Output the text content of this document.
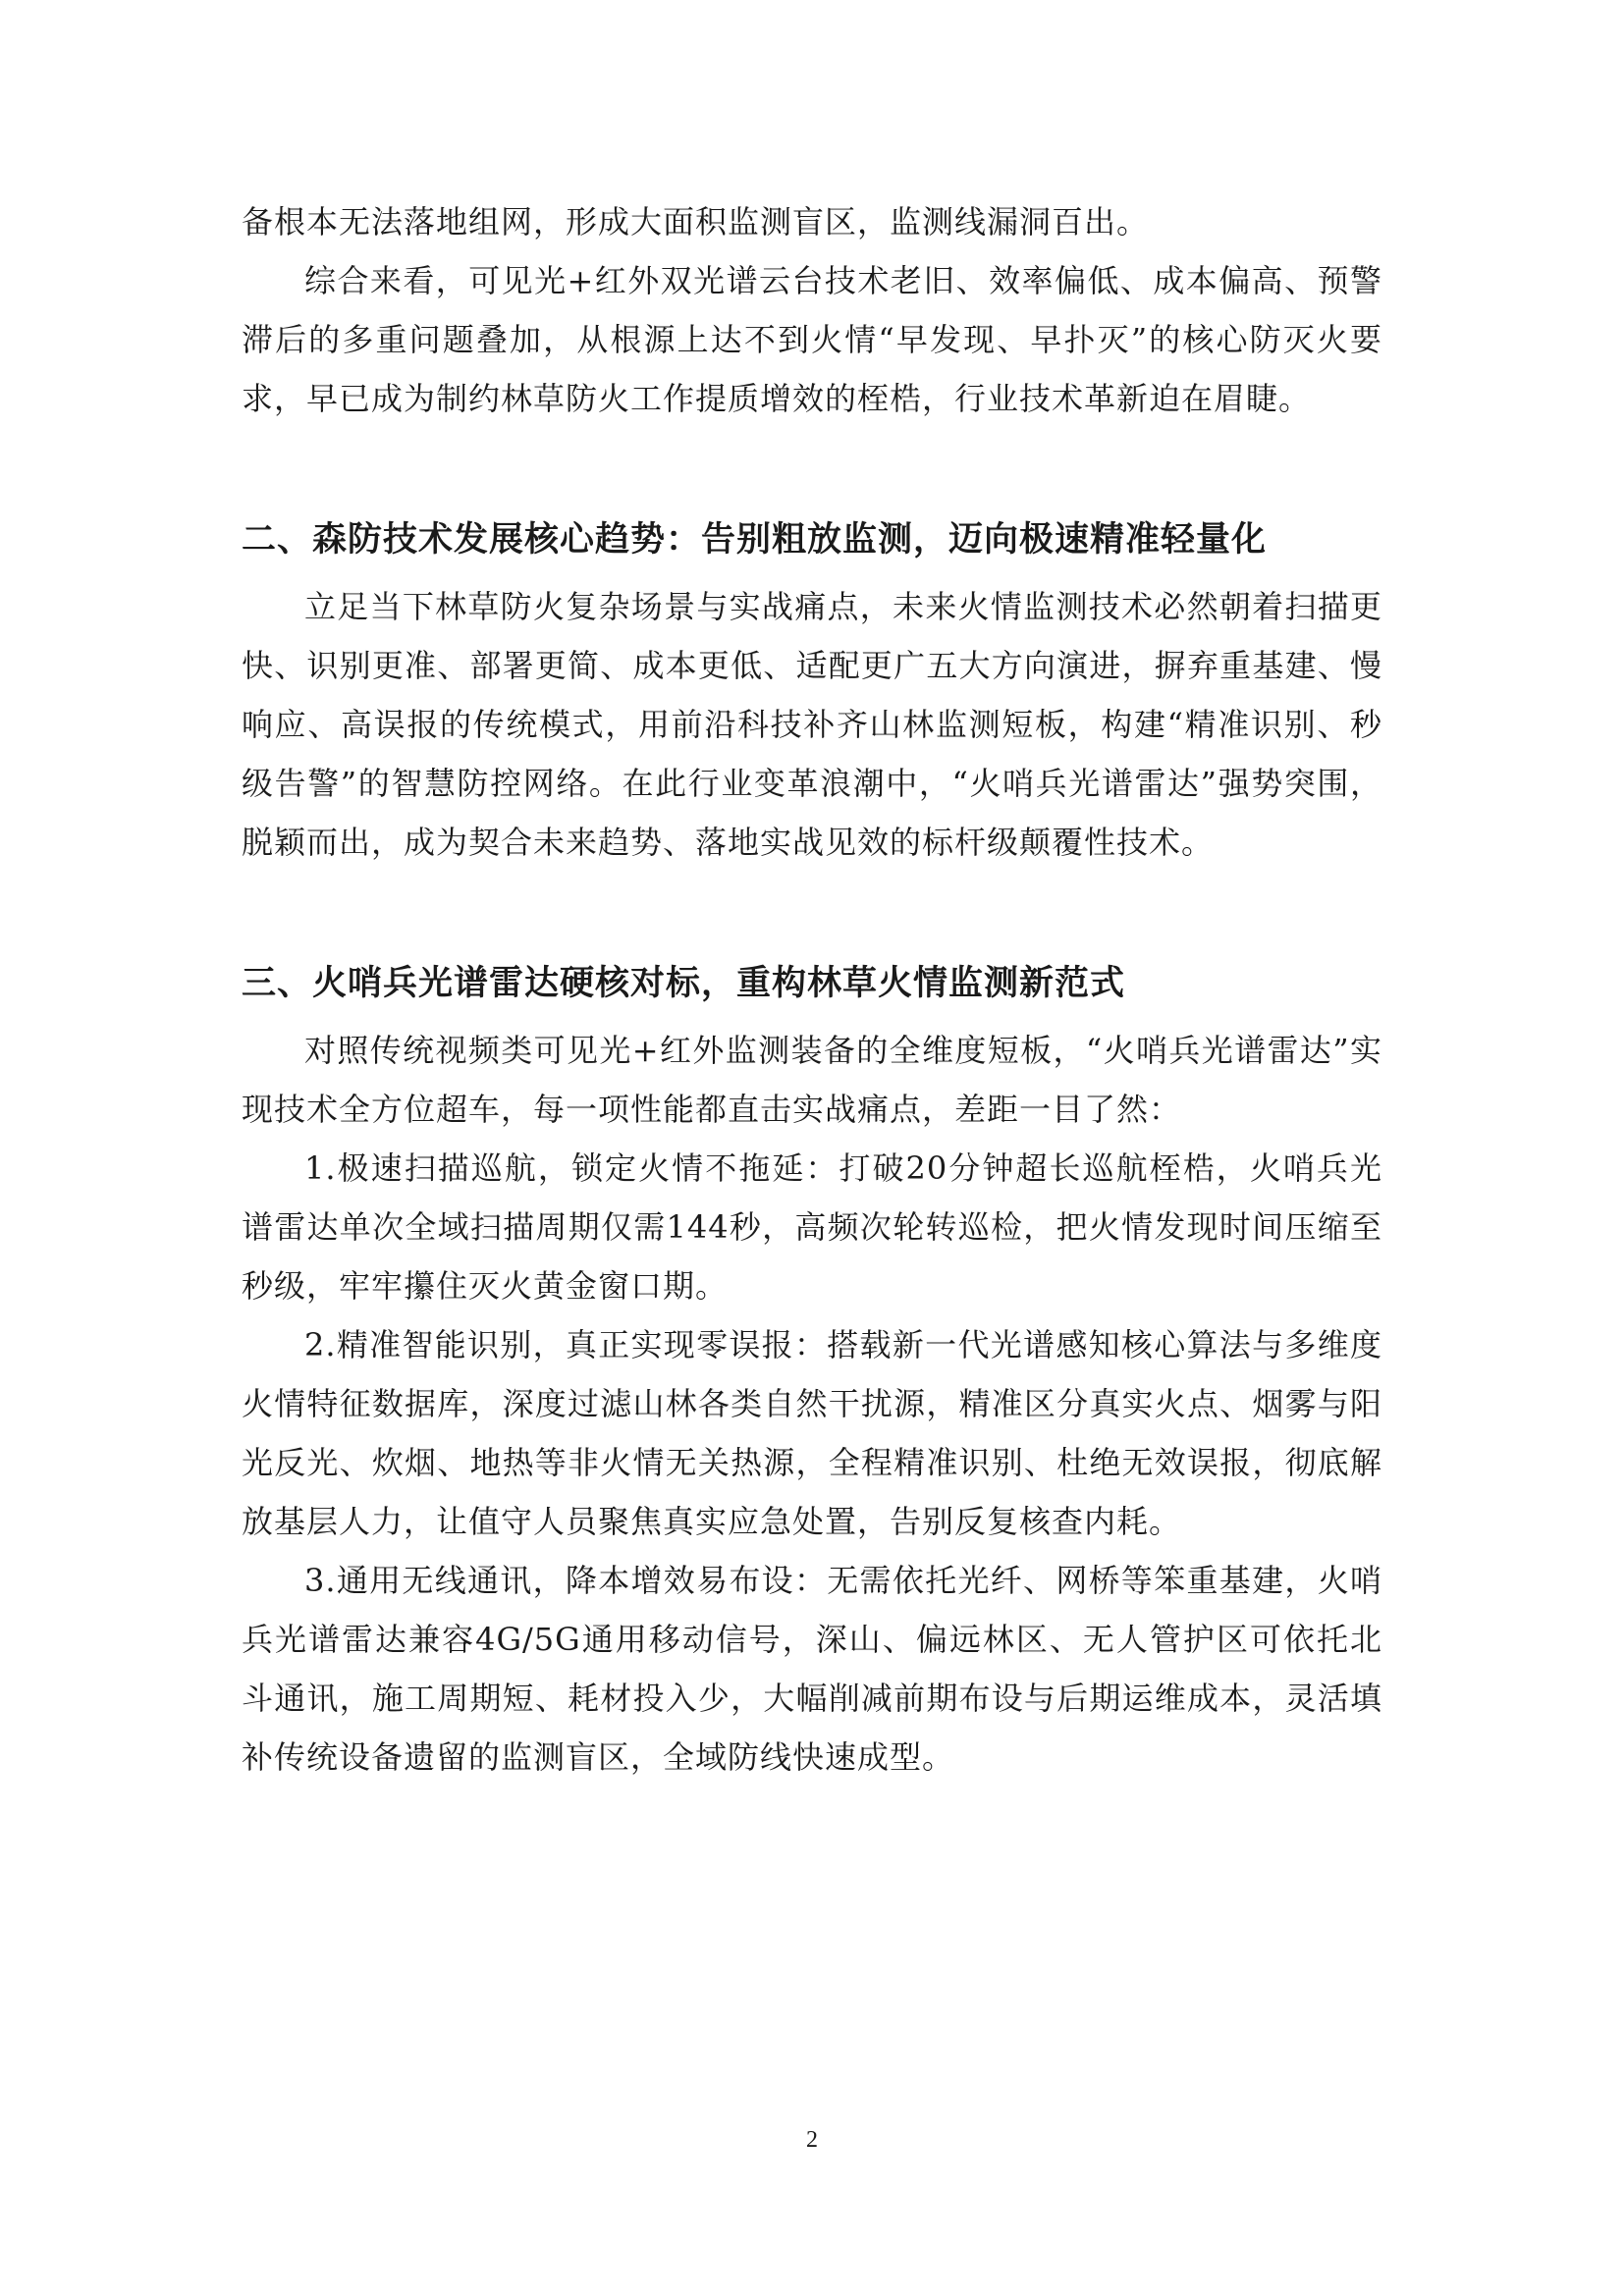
备根本无法落地组网，形成大面积监测盲区，监测线漏洞百出。

综合来看，可见光+红外双光谱云台技术老旧、效率偏低、成本偏高、预警滞后的多重问题叠加，从根源上达不到火情“早发现、早扑灭”的核心防灭火要求，早已成为制约林草防火工作提质增效的桎梏，行业技术革新迫在眉睫。

二、森防技术发展核心趋势：告别粗放监测，迈向极速精准轻量化

立足当下林草防火复杂场景与实战痛点，未来火情监测技术必然朝着扫描更快、识别更准、部署更简、成本更低、适配更广五大方向演进，摒弃重基建、慢响应、高误报的传统模式，用前沿科技补齐山林监测短板，构建“精准识别、秒级告警”的智慧防控网络。在此行业变革浪潮中，“火哨兵光谱雷达”强势突围，脱颖而出，成为契合未来趋势、落地实战见效的标杆级颠覆性技术。

三、火哨兵光谱雷达硬核对标，重构林草火情监测新范式

对照传统视频类可见光+红外监测装备的全维度短板，“火哨兵光谱雷达”实现技术全方位超车，每一项性能都直击实战痛点，差距一目了然：

1.极速扫描巡航，锁定火情不拖延：打破20分钟超长巡航桎梏，火哨兵光谱雷达单次全域扫描周期仅需144秒，高频次轮转巡检，把火情发现时间压缩至秒级，牢牢攥住灭火黄金窗口期。

2.精准智能识别，真正实现零误报：搭载新一代光谱感知核心算法与多维度火情特征数据库，深度过滤山林各类自然干扰源，精准区分真实火点、烟雾与阳光反光、炊烟、地热等非火情无关热源，全程精准识别、杜绝无效误报，彻底解放基层人力，让值守人员聚焦真实应急处置，告别反复核查内耗。

3.通用无线通讯，降本增效易布设：无需依托光纤、网桥等笨重基建，火哨兵光谱雷达兼容4G/5G通用移动信号，深山、偏远林区、无人管护区可依托北斗通讯，施工周期短、耗材投入少，大幅削减前期布设与后期运维成本，灵活填补传统设备遗留的监测盲区，全域防线快速成型。

2
